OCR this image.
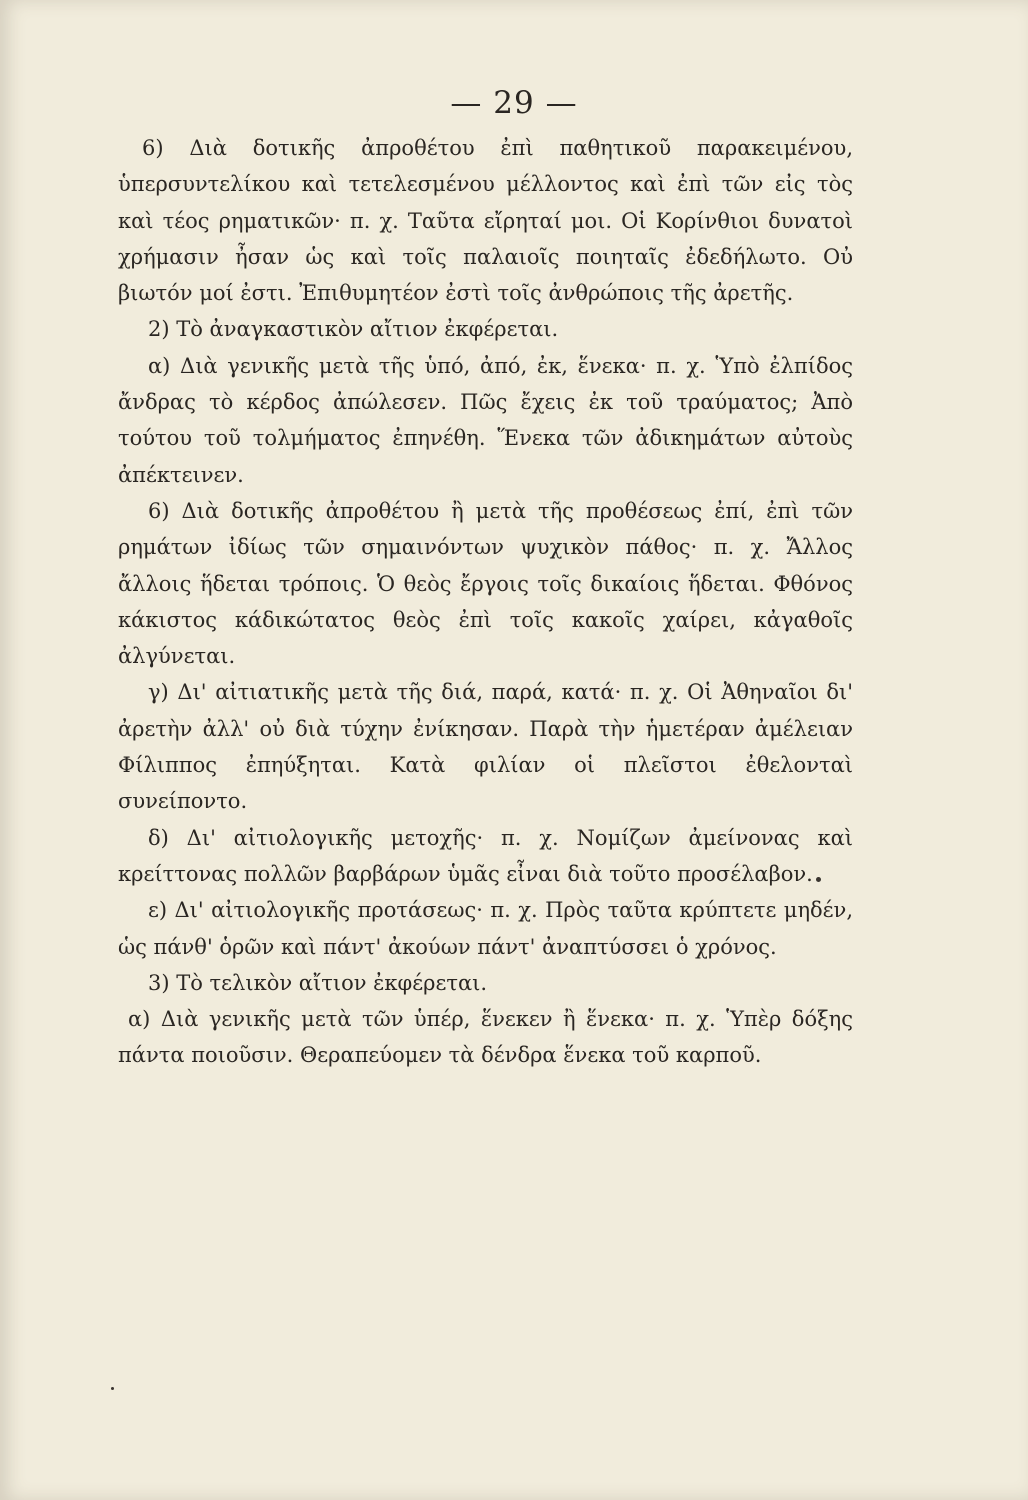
— 29 —

6) Διὰ δοτικῆς ἀπροθέτου ἐπὶ παθητικοῦ παρακειμένου, ὑπερσυντελίκου καὶ τετελεσμένου μέλλοντος καὶ ἐπὶ τῶν εἰς τὸς καὶ τέος ρηματικῶν· π. χ. Ταῦτα εἴρηταί μοι. Οἱ Κορίνθιοι δυνατοὶ χρήμασιν ἦσαν ὡς καὶ τοῖς παλαιοῖς ποιηταῖς ἐδεδήλωτο. Οὐ βιωτόν μοί ἐστι. Ἐπιθυμητέον ἐστὶ τοῖς ἀνθρώποις τῆς ἀρετῆς.

2) Τὸ ἀναγκαστικὸν αἴτιον ἐκφέρεται.

α) Διὰ γενικῆς μετὰ τῆς ὑπό, ἀπό, ἐκ, ἕνεκα· π. χ. Ὑπὸ ἐλπίδος ἄνδρας τὸ κέρδος ἀπώλεσεν. Πῶς ἔχεις ἐκ τοῦ τραύματος; Ἀπὸ τούτου τοῦ τολμήματος ἐπηνέθη. Ἕνεκα τῶν ἀδικημάτων αὐτοὺς ἀπέκτεινεν.

6) Διὰ δοτικῆς ἀπροθέτου ἢ μετὰ τῆς προθέσεως ἐπί, ἐπὶ τῶν ρημάτων ἰδίως τῶν σημαινόντων ψυχικὸν πάθος· π. χ. Ἄλλος ἄλλοις ἥδεται τρόποις. Ὁ θεὸς ἔργοις τοῖς δικαίοις ἥδεται. Φθόνος κάκιστος κάδικώτατος θεὸς ἐπὶ τοῖς κακοῖς χαίρει, κἀγαθοῖς ἀλγύνεται.

γ) Δι' αἰτιατικῆς μετὰ τῆς διά, παρά, κατά· π. χ. Οἱ Ἀθηναῖοι δι' ἀρετὴν ἀλλ' οὐ διὰ τύχην ἐνίκησαν. Παρὰ τὴν ἡμετέραν ἀμέλειαν Φίλιππος ἐπηύξηται. Κατὰ φιλίαν οἱ πλεῖστοι ἐθελονταὶ συνείποντο.

δ) Δι' αἰτιολογικῆς μετοχῆς· π. χ. Νομίζων ἀμείνονας καὶ κρείττονας πολλῶν βαρβάρων ὑμᾶς εἶναι διὰ τοῦτο προσέλαβον.

ε) Δι' αἰτιολογικῆς προτάσεως· π. χ. Πρὸς ταῦτα κρύπτετε μηδέν, ὡς πάνθ' ὁρῶν καὶ πάντ' ἀκούων πάντ' ἀναπτύσσει ὁ χρόνος.

3) Τὸ τελικὸν αἴτιον ἐκφέρεται.

α) Διὰ γενικῆς μετὰ τῶν ὑπέρ, ἕνεκεν ἢ ἕνεκα· π. χ. Ὑπὲρ δόξης πάντα ποιοῦσιν. Θεραπεύομεν τὰ δένδρα ἕνεκα τοῦ καρποῦ.
